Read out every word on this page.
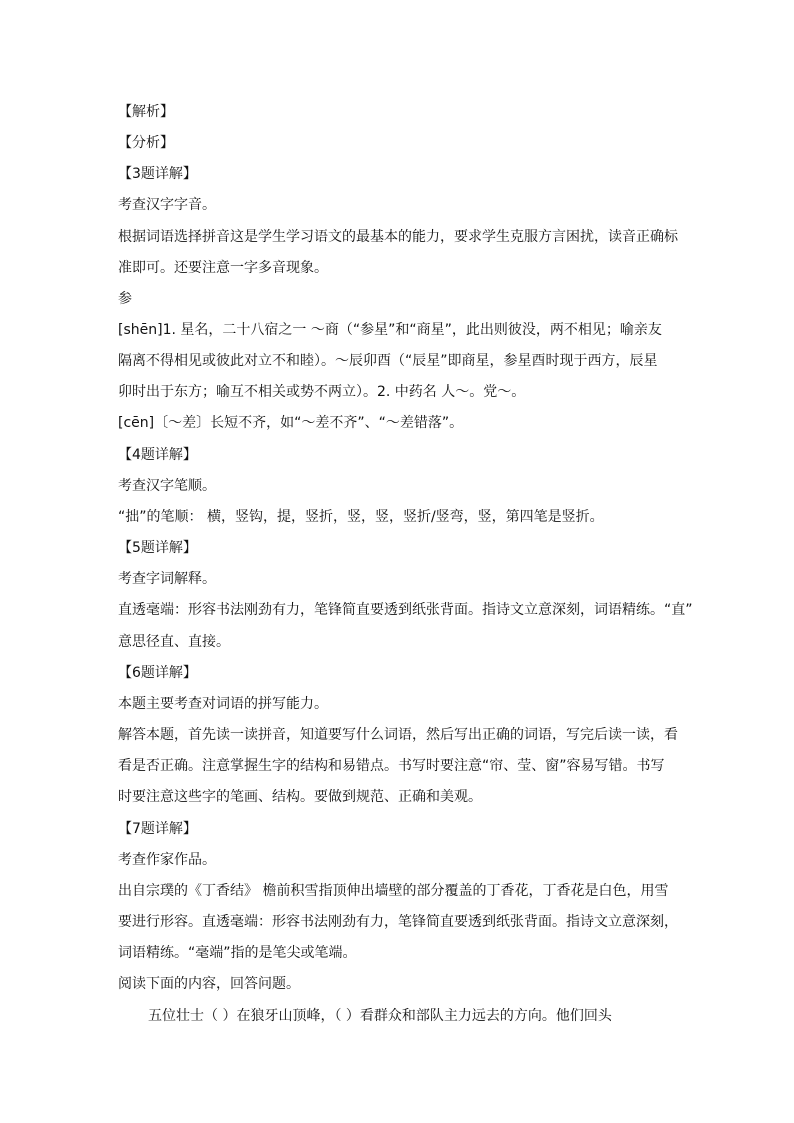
【解析】
【分析】
【3题详解】
考查汉字字音。
根据词语选择拼音这是学生学习语文的最基本的能力，要求学生克服方言困扰，读音正确标
准即可。还要注意一字多音现象。
参
[shēn]1. 星名，二十八宿之一 ～商（“参星”和“商星”，此出则彼没，两不相见；喻亲友
隔离不得相见或彼此对立不和睦）。～辰卯酉（“辰星”即商星，参星酉时现于西方，辰星
卯时出于东方；喻互不相关或势不两立）。2. 中药名 人～。党～。
[cēn]〔～差〕长短不齐，如“～差不齐”、“～差错落”。
【4题详解】
考查汉字笔顺。
“拙”的笔顺： 横，竖钩，提，竖折，竖，竖，竖折/竖弯，竖，第四笔是竖折。
【5题详解】
考查字词解释。
直透毫端：形容书法刚劲有力，笔锋简直要透到纸张背面。指诗文立意深刻，词语精练。“直”
意思径直、直接。
【6题详解】
本题主要考查对词语的拼写能力。
解答本题，首先读一读拼音，知道要写什么词语，然后写出正确的词语，写完后读一读，看
看是否正确。注意掌握生字的结构和易错点。书写时要注意“帘、莹、窗”容易写错。书写
时要注意这些字的笔画、结构。要做到规范、正确和美观。
【7题详解】
考查作家作品。
出自宗璞的《丁香结》 檐前积雪指顶伸出墙壁的部分覆盖的丁香花，丁香花是白色，用雪
要进行形容。直透毫端：形容书法刚劲有力，笔锋简直要透到纸张背面。指诗文立意深刻，
词语精练。“毫端”指的是笔尖或笔端。
阅读下面的内容，回答问题。
五位壮士（ ）在狼牙山顶峰，（ ）看群众和部队主力远去的方向。他们回头
